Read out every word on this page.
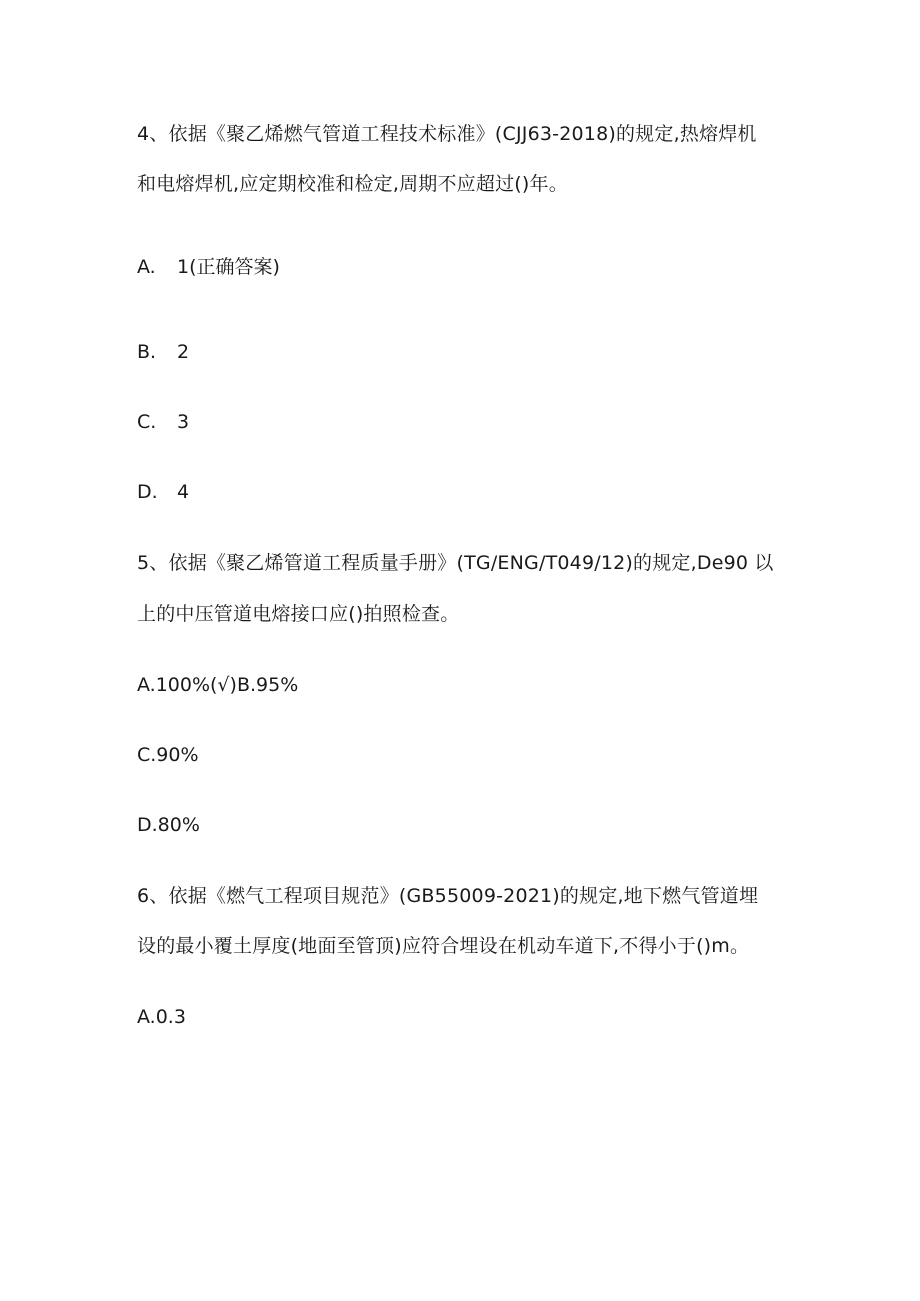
4、依据《聚乙烯燃气管道工程技术标准》(CJJ63-2018)的规定,热熔焊机
和电熔焊机,应定期校准和检定,周期不应超过()年。
A. 1(正确答案)
B. 2
C. 3
D. 4
5、依据《聚乙烯管道工程质量手册》(TG/ENG/T049/12)的规定,De90 以
上的中压管道电熔接口应()拍照检查。
A.100%(√)B.95%
C.90%
D.80%
6、依据《燃气工程项目规范》(GB55009-2021)的规定,地下燃气管道埋
设的最小覆土厚度(地面至管顶)应符合埋设在机动车道下,不得小于()m。
A.0.3
